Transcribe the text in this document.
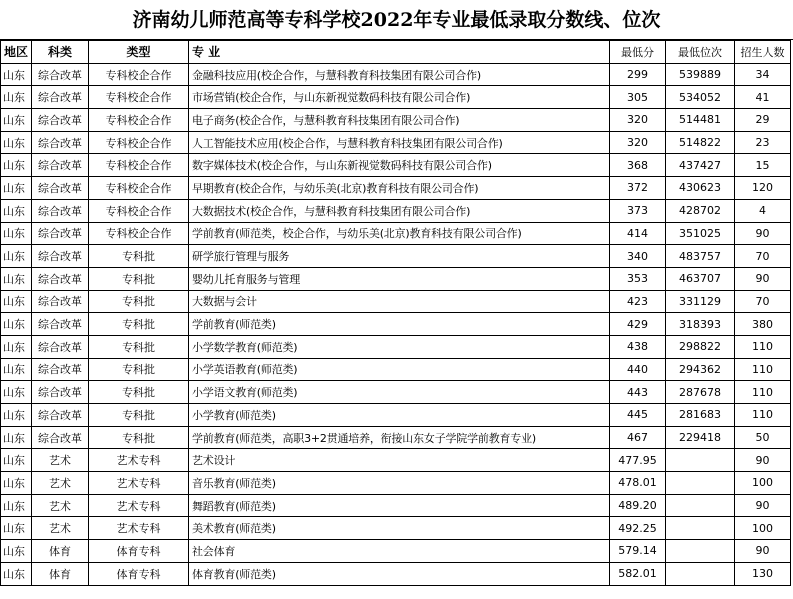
济南幼儿师范高等专科学校2022年专业最低录取分数线、位次
地区	科类	类型	专 业	最低分	最低位次	招生人数
山东	综合改革	专科校企合作	金融科技应用(校企合作，与慧科教育科技集团有限公司合作)	299	539889	34
山东	综合改革	专科校企合作	市场营销(校企合作，与山东新视觉数码科技有限公司合作)	305	534052	41
山东	综合改革	专科校企合作	电子商务(校企合作，与慧科教育科技集团有限公司合作)	320	514481	29
山东	综合改革	专科校企合作	人工智能技术应用(校企合作，与慧科教育科技集团有限公司合作)	320	514822	23
山东	综合改革	专科校企合作	数字媒体技术(校企合作，与山东新视觉数码科技有限公司合作)	368	437427	15
山东	综合改革	专科校企合作	早期教育(校企合作，与幼乐美(北京)教育科技有限公司合作)	372	430623	120
山东	综合改革	专科校企合作	大数据技术(校企合作，与慧科教育科技集团有限公司合作)	373	428702	4
山东	综合改革	专科校企合作	学前教育(师范类，校企合作，与幼乐美(北京)教育科技有限公司合作)	414	351025	90
山东	综合改革	专科批	研学旅行管理与服务	340	483757	70
山东	综合改革	专科批	婴幼儿托育服务与管理	353	463707	90
山东	综合改革	专科批	大数据与会计	423	331129	70
山东	综合改革	专科批	学前教育(师范类)	429	318393	380
山东	综合改革	专科批	小学数学教育(师范类)	438	298822	110
山东	综合改革	专科批	小学英语教育(师范类)	440	294362	110
山东	综合改革	专科批	小学语文教育(师范类)	443	287678	110
山东	综合改革	专科批	小学教育(师范类)	445	281683	110
山东	综合改革	专科批	学前教育(师范类，高职3+2贯通培养，衔接山东女子学院学前教育专业)	467	229418	50
山东	艺术	艺术专科	艺术设计	477.95		90
山东	艺术	艺术专科	音乐教育(师范类)	478.01		100
山东	艺术	艺术专科	舞蹈教育(师范类)	489.20		90
山东	艺术	艺术专科	美术教育(师范类)	492.25		100
山东	体育	体育专科	社会体育	579.14		90
山东	体育	体育专科	体育教育(师范类)	582.01		130
